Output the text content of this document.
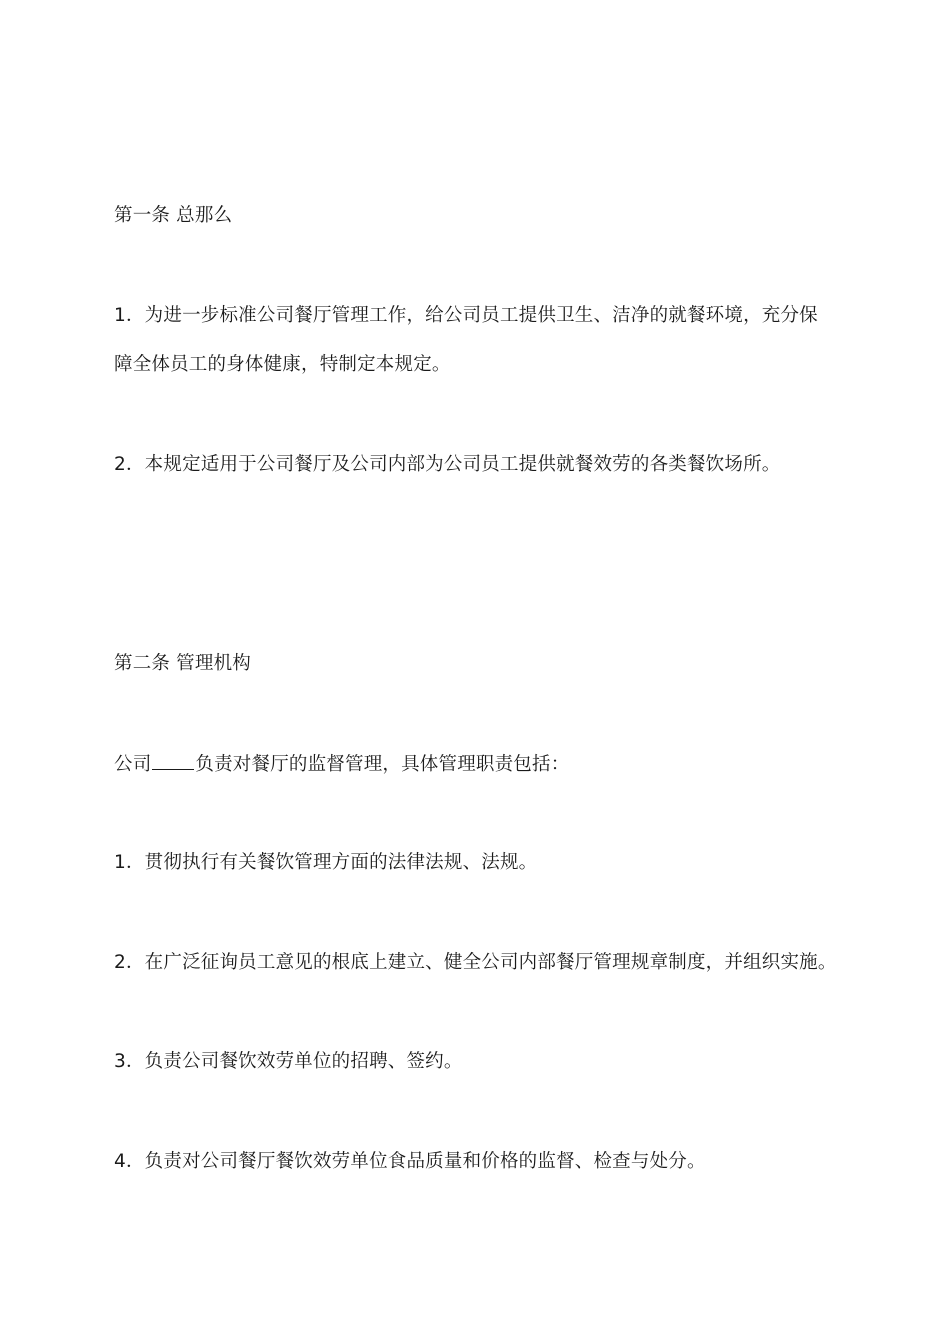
第一条 总那么
1．为进一步标准公司餐厅管理工作，给公司员工提供卫生、洁净的就餐环境，充分保
障全体员工的身体健康，特制定本规定。
2．本规定适用于公司餐厅及公司内部为公司员工提供就餐效劳的各类餐饮场所。
第二条 管理机构
公司 负责对餐厅的监督管理，具体管理职责包括：
1．贯彻执行有关餐饮管理方面的法律法规、法规。
2．在广泛征询员工意见的根底上建立、健全公司内部餐厅管理规章制度，并组织实施。
3．负责公司餐饮效劳单位的招聘、签约。
4．负责对公司餐厅餐饮效劳单位食品质量和价格的监督、检查与处分。
